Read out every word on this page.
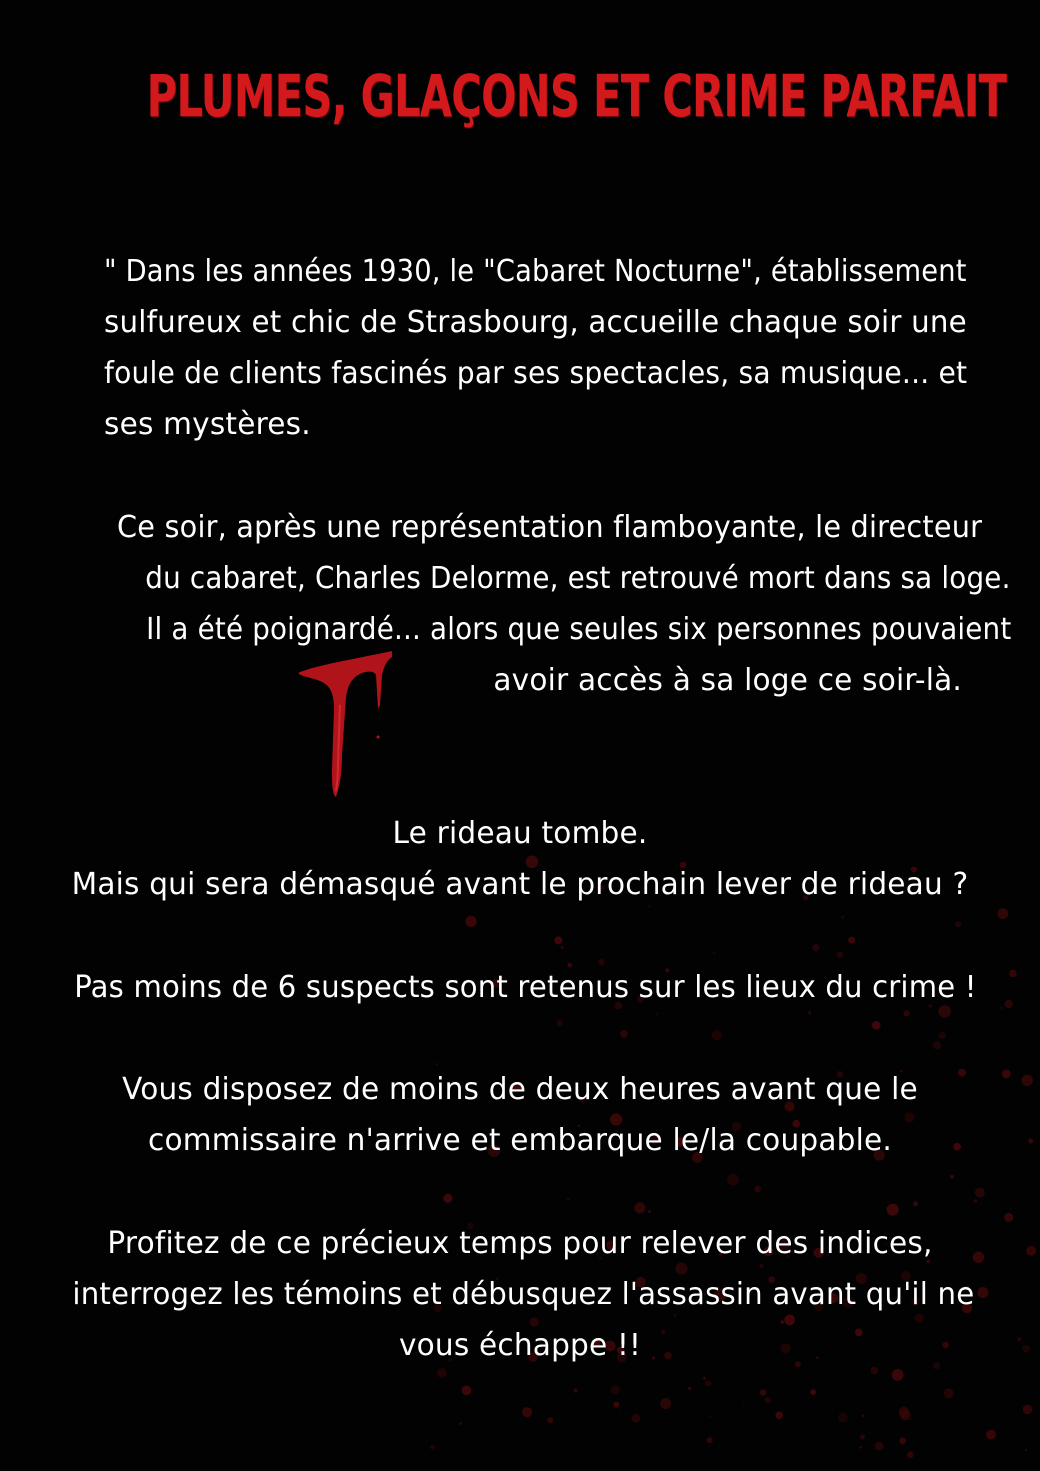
PLUMES, GLAÇONS ET CRIME PARFAIT
" Dans les années 1930, le "Cabaret Nocturne", établissement
sulfureux et chic de Strasbourg, accueille chaque soir une
foule de clients fascinés par ses spectacles, sa musique... et
ses mystères.
Ce soir, après une représentation flamboyante, le directeur
du cabaret, Charles Delorme, est retrouvé mort dans sa loge.
Il a été poignardé... alors que seules six personnes pouvaient
avoir accès à sa loge ce soir-là.
Le rideau tombe.
Mais qui sera démasqué avant le prochain lever de rideau ?
Pas moins de 6 suspects sont retenus sur les lieux du crime !
Vous disposez de moins de deux heures avant que le
commissaire n'arrive et embarque le/la coupable.
Profitez de ce précieux temps pour relever des indices,
interrogez les témoins et débusquez l'assassin avant qu'il ne
vous échappe !!
